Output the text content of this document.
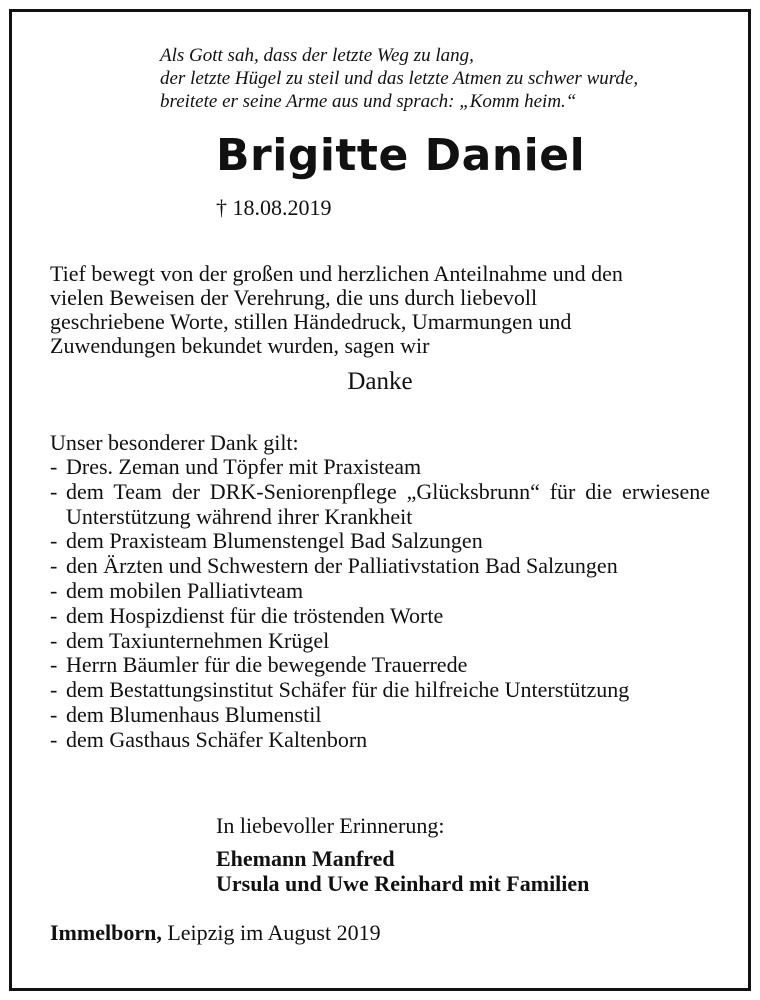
Als Gott sah, dass der letzte Weg zu lang,
der letzte Hügel zu steil und das letzte Atmen zu schwer wurde,
breitete er seine Arme aus und sprach: „Komm heim.“
Brigitte Daniel
† 18.08.2019
Tief bewegt von der großen und herzlichen Anteilnahme und den
vielen Beweisen der Verehrung, die uns durch liebevoll
geschriebene Worte, stillen Händedruck, Umarmungen und
Zuwendungen bekundet wurden, sagen wir
Danke
Unser besonderer Dank gilt:
- Dres. Zeman und Töpfer mit Praxisteam
- dem Team der DRK-Seniorenpflege „Glücksbrunn“ für die erwiesene Unterstützung während ihrer Krankheit
- dem Praxisteam Blumenstengel Bad Salzungen
- den Ärzten und Schwestern der Palliativstation Bad Salzungen
- dem mobilen Palliativteam
- dem Hospizdienst für die tröstenden Worte
- dem Taxiunternehmen Krügel
- Herrn Bäumler für die bewegende Trauerrede
- dem Bestattungsinstitut Schäfer für die hilfreiche Unterstützung
- dem Blumenhaus Blumenstil
- dem Gasthaus Schäfer Kaltenborn
In liebevoller Erinnerung:
Ehemann Manfred
Ursula und Uwe Reinhard mit Familien
Immelborn, Leipzig im August 2019
